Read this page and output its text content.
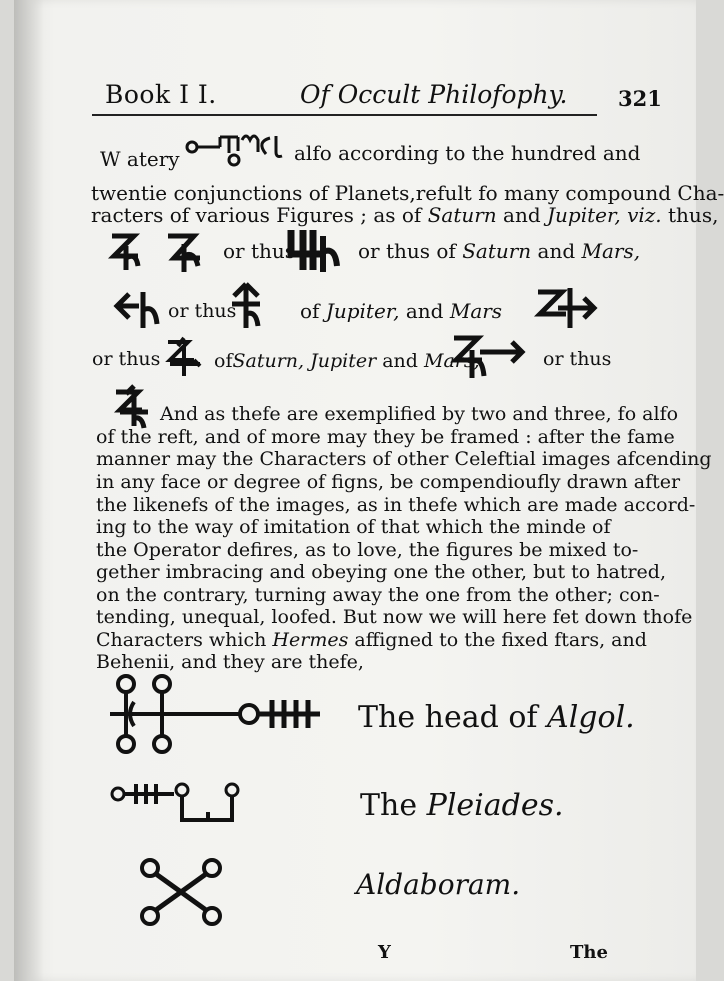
Book I I.	Of Occult Philofophy. 321
W atery	alfo according to the hundred and
twentie conjunctions of Planets,refult fo many compound Cha-
racters of various Figures ; as of Saturn and Jupiter, viz. thus,
or thus	or thus of Saturn and Mars,
or thus	of Jupiter, and Mars
or thus	ofSaturn, Jupiter and Mars,	or thus
And as thefe are exemplified by two and three, fo alfo
of the reft, and of more may they be framed : after the fame
manner may the Characters of other Celeftial images afcending
in any face or degree of figns, be compendioufly drawn after
the likenefs of the images, as in thefe which are made accord-
ing to the way of imitation of that which the minde of
the Operator defires, as to love, the figures be mixed to-
gether imbracing and obeying one the other, but to hatred,
on the contrary, turning away the one from the other; con-
tending, unequal, loofed. But now we will here fet down thofe
Characters which Hermes affigned to the fixed ftars, and
Behenii, and they are thefe,
The head of Algol.
The Pleiades.
Aldaboram.
Y	The
